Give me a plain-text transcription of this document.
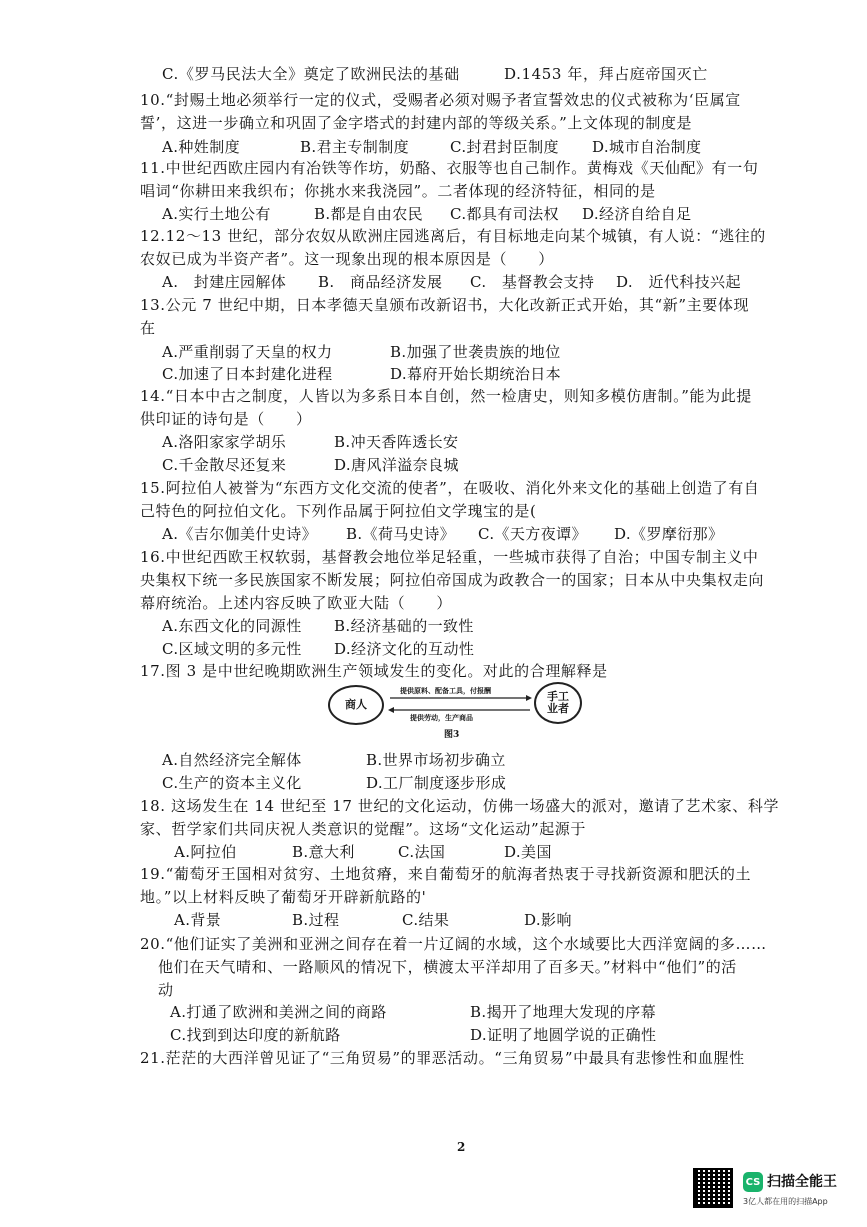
C.《罗马民法大全》奠定了欧洲民法的基础	D.1453 年，拜占庭帝国灭亡
10.“封赐土地必须举行一定的仪式，受赐者必须对赐予者宣誓效忠的仪式被称为‘臣属宣
誓’，这进一步确立和巩固了金字塔式的封建内部的等级关系。”上文体现的制度是
A.种姓制度	B.君主专制制度	C.封君封臣制度 D.城市自治制度
11.中世纪西欧庄园内有冶铁等作坊，奶酪、衣服等也自己制作。黄梅戏《天仙配》有一句
唱词“你耕田来我织布；你挑水来我浇园”。二者体现的经济特征，相同的是
A.实行土地公有	B.都是自由农民 C.都具有司法权 D.经济自给自足
12.12～13 世纪，部分农奴从欧洲庄园逃离后，有目标地走向某个城镇，有人说：“逃往的
农奴已成为半资产者”。这一现象出现的根本原因是（　　）
A.　封建庄园解体 B.　商品经济发展 C.　基督教会支持 D.　近代科技兴起
13.公元 7 世纪中期，日本孝德天皇颁布改新诏书，大化改新正式开始，其“新”主要体现
在
A.严重削弱了天皇的权力	B.加强了世袭贵族的地位
C.加速了日本封建化进程	D.幕府开始长期统治日本
14.“日本中古之制度，人皆以为多系日本自创，然一检唐史，则知多模仿唐制。”能为此提
供印证的诗句是（　　）
A.洛阳家家学胡乐	B.冲天香阵透长安
C.千金散尽还复来	D.唐风洋溢奈良城
15.阿拉伯人被誉为“东西方文化交流的使者”，在吸收、消化外来文化的基础上创造了有自
己特色的阿拉伯文化。下列作品属于阿拉伯文学瑰宝的是(
A.《吉尔伽美什史诗》 B.《荷马史诗》 C.《天方夜谭》 D.《罗摩衍那》
16.中世纪西欧王权软弱，基督教会地位举足轻重，一些城市获得了自治；中国专制主义中
央集权下统一多民族国家不断发展；阿拉伯帝国成为政教合一的国家；日本从中央集权走向
幕府统治。上述内容反映了欧亚大陆（　　）
A.东西文化的同源性 B.经济基础的一致性
C.区域文明的多元性 D.经济文化的互动性
17.图 3 是中世纪晚期欧洲生产领域发生的变化。对此的合理解释是
商人
手工业者
提供原料、配备工具，付报酬
提供劳动，生产商品
图3
A.自然经济完全解体	B.世界市场初步确立
C.生产的资本主义化	D.工厂制度逐步形成
18. 这场发生在 14 世纪至 17 世纪的文化运动，仿佛一场盛大的派对，邀请了艺术家、科学
家、哲学家们共同庆祝人类意识的觉醒”。这场“文化运动”起源于
A.阿拉伯	B.意大利	C.法国	D.美国
19.“葡萄牙王国相对贫穷、土地贫瘠，来自葡萄牙的航海者热衷于寻找新资源和肥沃的土
地。”以上材料反映了葡萄牙开辟新航路的'
A.背景	B.过程	C.结果	D.影响
20.“他们证实了美洲和亚洲之间存在着一片辽阔的水域，这个水域要比大西洋宽阔的多……
他们在天气晴和、一路顺风的情况下，横渡太平洋却用了百多天。”材料中“他们”的活
动
A.打通了欧洲和美洲之间的商路	B.揭开了地理大发现的序幕
C.找到到达印度的新航路	D.证明了地圆学说的正确性
21.茫茫的大西洋曾见证了“三角贸易”的罪恶活动。“三角贸易”中最具有悲惨性和血腥性
2
CS 扫描全能王
3亿人都在用的扫描App
